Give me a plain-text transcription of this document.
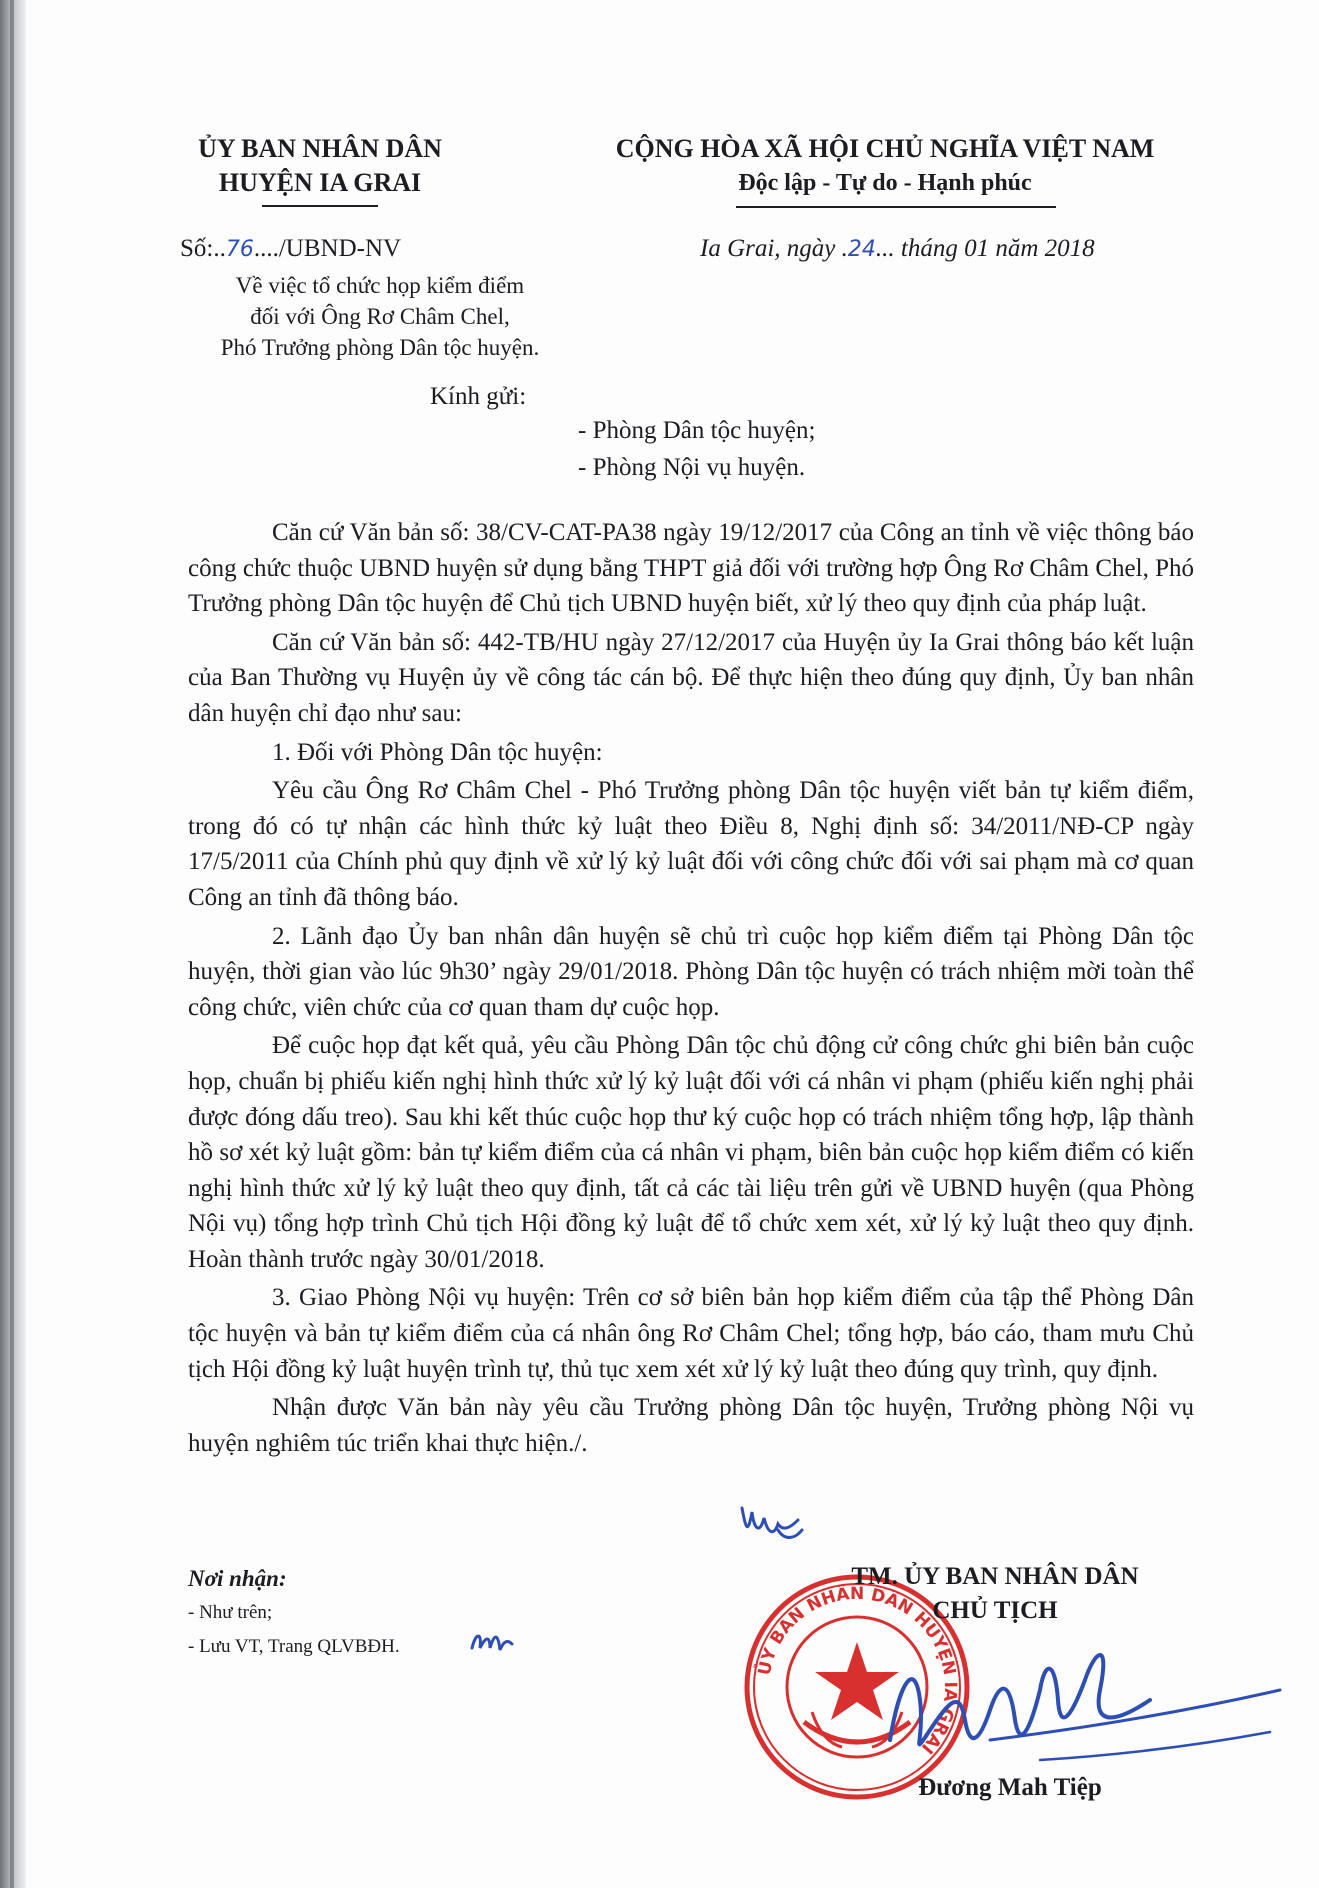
ỦY BAN NHÂN DÂN
HUYỆN IA GRAI
CỘNG HÒA XÃ HỘI CHỦ NGHĨA VIỆT NAM
Độc lập - Tự do - Hạnh phúc
Số:..76..../UBND-NV	Ia Grai, ngày .24... tháng 01 năm 2018
Về việc tổ chức họp kiểm điểm
đối với Ông Rơ Châm Chel,
Phó Trưởng phòng Dân tộc huyện.
Kính gửi:
- Phòng Dân tộc huyện;
- Phòng Nội vụ huyện.

Căn cứ Văn bản số: 38/CV-CAT-PA38 ngày 19/12/2017 của Công an tỉnh về việc thông báo công chức thuộc UBND huyện sử dụng bằng THPT giả đối với trường hợp Ông Rơ Châm Chel, Phó Trưởng phòng Dân tộc huyện để Chủ tịch UBND huyện biết, xử lý theo quy định của pháp luật.

Căn cứ Văn bản số: 442-TB/HU ngày 27/12/2017 của Huyện ủy Ia Grai thông báo kết luận của Ban Thường vụ Huyện ủy về công tác cán bộ. Để thực hiện theo đúng quy định, Ủy ban nhân dân huyện chỉ đạo như sau:

1. Đối với Phòng Dân tộc huyện:

Yêu cầu Ông Rơ Châm Chel - Phó Trưởng phòng Dân tộc huyện viết bản tự kiểm điểm, trong đó có tự nhận các hình thức kỷ luật theo Điều 8, Nghị định số: 34/2011/NĐ-CP ngày 17/5/2011 của Chính phủ quy định về xử lý kỷ luật đối với công chức đối với sai phạm mà cơ quan Công an tỉnh đã thông báo.

2. Lãnh đạo Ủy ban nhân dân huyện sẽ chủ trì cuộc họp kiểm điểm tại Phòng Dân tộc huyện, thời gian vào lúc 9h30’ ngày 29/01/2018. Phòng Dân tộc huyện có trách nhiệm mời toàn thể công chức, viên chức của cơ quan tham dự cuộc họp.

Để cuộc họp đạt kết quả, yêu cầu Phòng Dân tộc chủ động cử công chức ghi biên bản cuộc họp, chuẩn bị phiếu kiến nghị hình thức xử lý kỷ luật đối với cá nhân vi phạm (phiếu kiến nghị phải được đóng dấu treo). Sau khi kết thúc cuộc họp thư ký cuộc họp có trách nhiệm tổng hợp, lập thành hồ sơ xét kỷ luật gồm: bản tự kiểm điểm của cá nhân vi phạm, biên bản cuộc họp kiểm điểm có kiến nghị hình thức xử lý kỷ luật theo quy định, tất cả các tài liệu trên gửi về UBND huyện (qua Phòng Nội vụ) tổng hợp trình Chủ tịch Hội đồng kỷ luật để tổ chức xem xét, xử lý kỷ luật theo quy định. Hoàn thành trước ngày 30/01/2018.

3. Giao Phòng Nội vụ huyện: Trên cơ sở biên bản họp kiểm điểm của tập thể Phòng Dân tộc huyện và bản tự kiểm điểm của cá nhân ông Rơ Châm Chel; tổng hợp, báo cáo, tham mưu Chủ tịch Hội đồng kỷ luật huyện trình tự, thủ tục xem xét xử lý kỷ luật theo đúng quy trình, quy định.

Nhận được Văn bản này yêu cầu Trưởng phòng Dân tộc huyện, Trưởng phòng Nội vụ huyện nghiêm túc triển khai thực hiện./.

Nơi nhận:
- Như trên;
- Lưu VT, Trang QLVBĐH.
ỦY BAN NHÂN DÂN HUYỆN IA GRAI
TM. ỦY BAN NHÂN DÂN
CHỦ TỊCH
Đương Mah Tiệp
